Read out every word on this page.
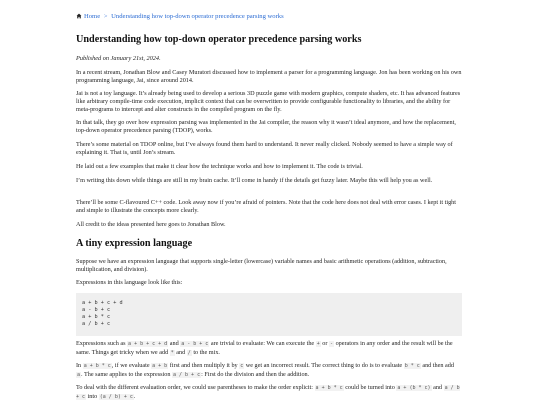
Home > Understanding how top-down operator precedence parsing works
Understanding how top-down operator precedence parsing works
Published on January 21st, 2024.

In a recent stream, Jonathan Blow and Casey Muratori discussed how to implement a parser for a programming language. Jon has been working on his own programming language, Jai, since around 2014.

Jai is not a toy language. It’s already being used to develop a serious 3D puzzle game with modern graphics, compute shaders, etc. It has advanced features like arbitrary compile-time code execution, implicit context that can be overwritten to provide configurable functionality to libraries, and the ability for meta-programs to intercept and alter constructs in the compiled program on the fly.

In that talk, they go over how expression parsing was implemented in the Jai compiler, the reason why it wasn’t ideal anymore, and how the replacement, top-down operator precedence parsing (TDOP), works.

There’s some material on TDOP online, but I’ve always found them hard to understand. It never really clicked. Nobody seemed to have a simple way of explaining it. That is, until Jon’s stream.

He laid out a few examples that make it clear how the technique works and how to implement it. The code is trivial.

I’m writing this down while things are still in my brain cache. It’ll come in handy if the details get fuzzy later. Maybe this will help you as well.

There’ll be some C-flavoured C++ code. Look away now if you’re afraid of pointers. Note that the code here does not deal with error cases. I kept it tight and simple to illustrate the concepts more clearly.

All credit to the ideas presented here goes to Jonathan Blow.

A tiny expression language

Suppose we have an expression language that supports single-letter (lowercase) variable names and basic arithmetic operations (addition, subtraction, multiplication, and division).

Expressions in this language look like this:

a + b + c + d
a - b + c
a + b * c
a / b + c

Expressions such as a + b + c + d and a - b + c are trivial to evaluate: We can execute the + or - operators in any order and the result will be the same. Things get tricky when we add * and / to the mix.

In a + b * c, if we evaluate a + b first and then multiply it by c we get an incorrect result. The correct thing to do is to evaluate b * c and then add a. The same applies to the expression a / b + c: First do the division and then the addition.

To deal with the different evaluation order, we could use parentheses to make the order explicit: a + b * c could be turned into a + (b * c) and a / b + c into (a / b) + c.
